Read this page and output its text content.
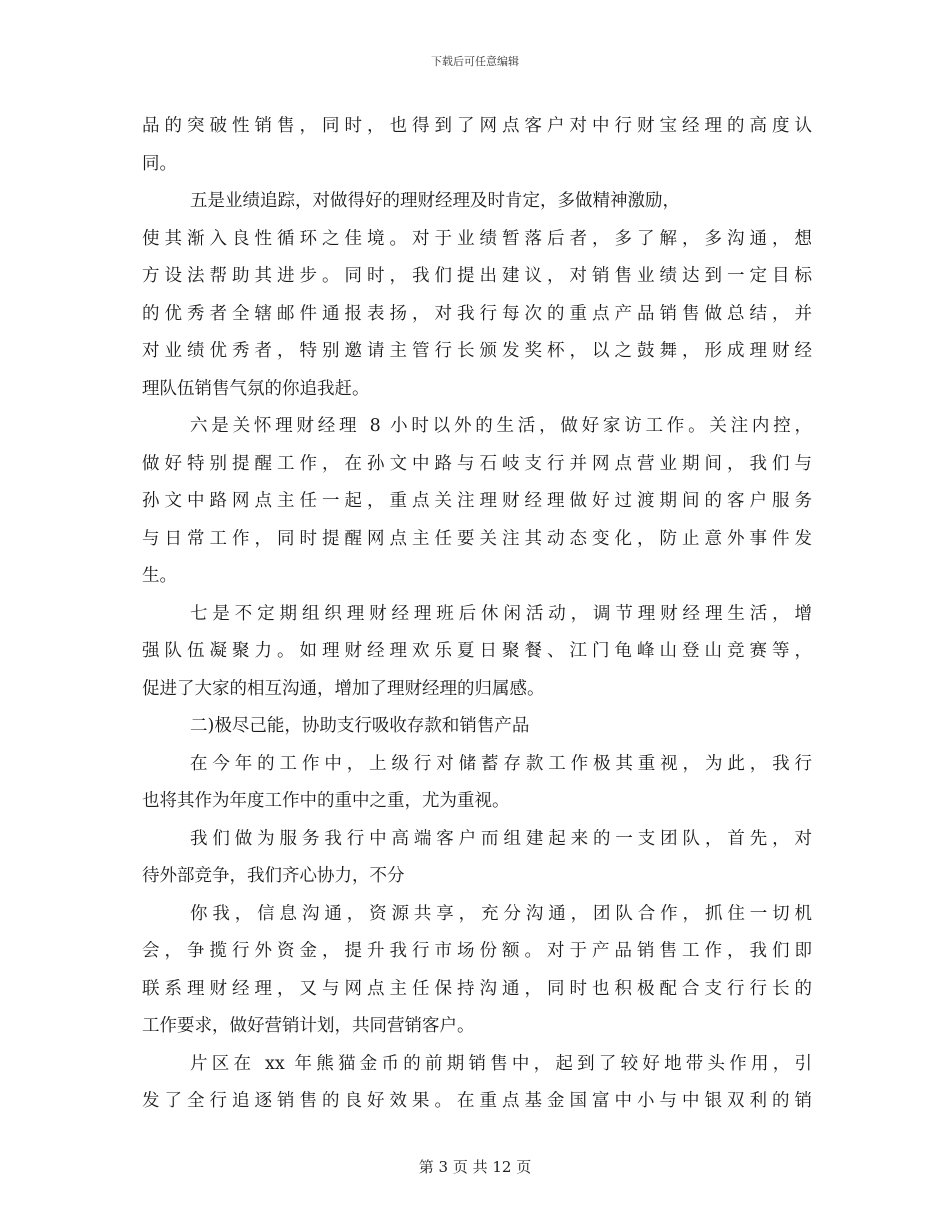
下载后可任意编辑
品的突破性销售，同时，也得到了网点客户对中行财宝经理的高度认
同。
五是业绩追踪，对做得好的理财经理及时肯定，多做精神激励，
使其渐入良性循环之佳境。对于业绩暂落后者，多了解，多沟通，想
方设法帮助其进步。同时，我们提出建议，对销售业绩达到一定目标
的优秀者全辖邮件通报表扬，对我行每次的重点产品销售做总结，并
对业绩优秀者，特别邀请主管行长颁发奖杯，以之鼓舞，形成理财经
理队伍销售气氛的你追我赶。
六是关怀理财经理 8 小时以外的生活，做好家访工作。关注内控，
做好特别提醒工作，在孙文中路与石岐支行并网点营业期间，我们与
孙文中路网点主任一起，重点关注理财经理做好过渡期间的客户服务
与日常工作，同时提醒网点主任要关注其动态变化，防止意外事件发
生。
七是不定期组织理财经理班后休闲活动，调节理财经理生活，增
强队伍凝聚力。如理财经理欢乐夏日聚餐、江门龟峰山登山竞赛等，
促进了大家的相互沟通，增加了理财经理的归属感。
二)极尽己能，协助支行吸收存款和销售产品
在今年的工作中，上级行对储蓄存款工作极其重视，为此，我行
也将其作为年度工作中的重中之重，尤为重视。
我们做为服务我行中高端客户而组建起来的一支团队，首先，对
待外部竞争，我们齐心协力，不分
你我，信息沟通，资源共享，充分沟通，团队合作，抓住一切机
会，争揽行外资金，提升我行市场份额。对于产品销售工作，我们即
联系理财经理，又与网点主任保持沟通，同时也积极配合支行行长的
工作要求，做好营销计划，共同营销客户。
片区在 xx 年熊猫金币的前期销售中，起到了较好地带头作用，引
发了全行追逐销售的良好效果。在重点基金国富中小与中银双利的销
第 3 页 共 12 页
